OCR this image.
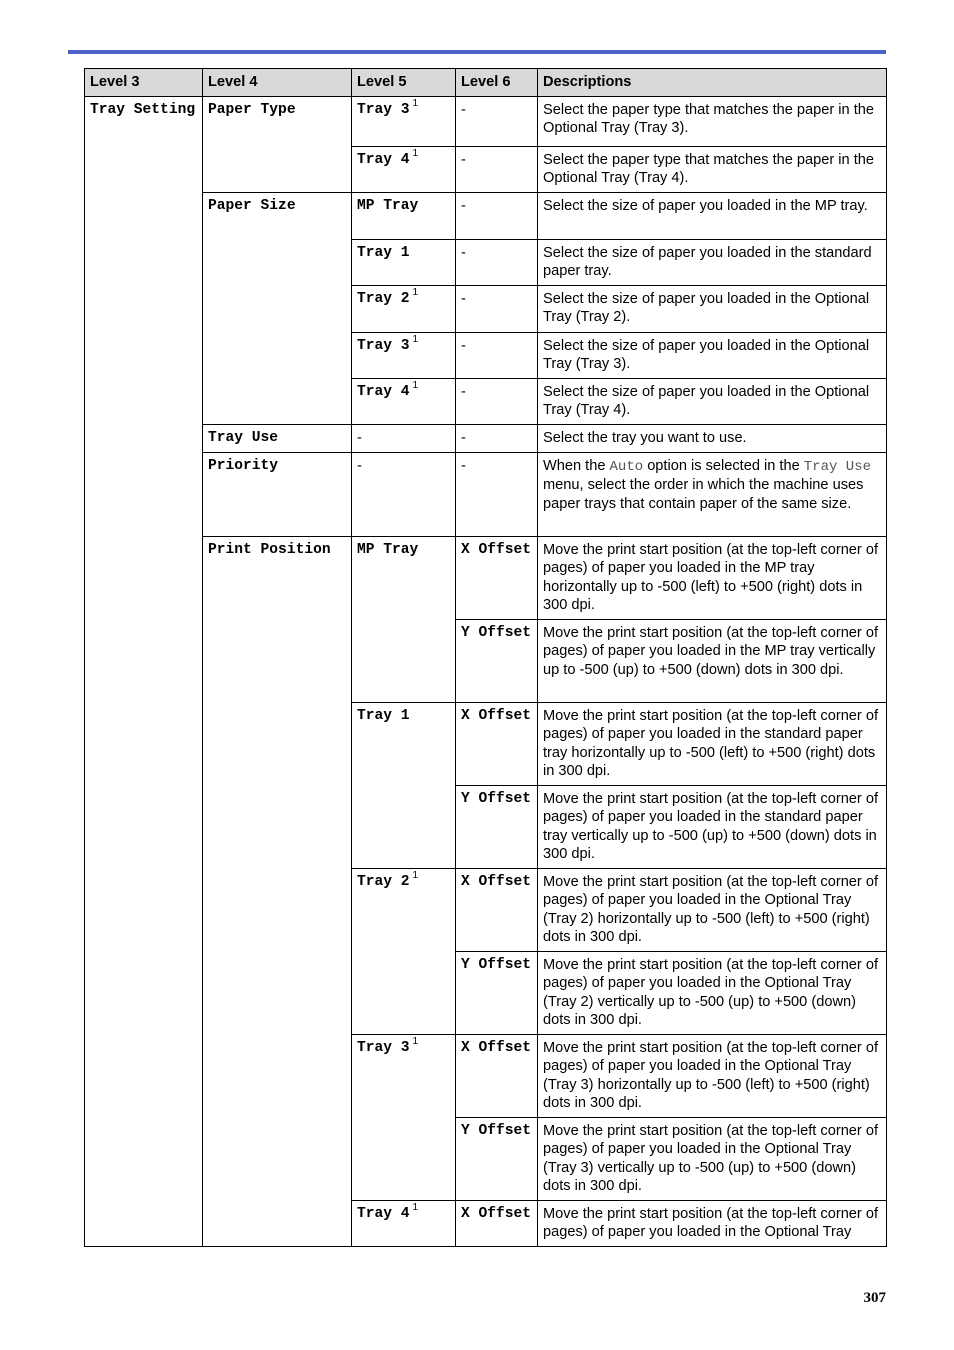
Level 3	Level 4	Level 5	Level 6	Descriptions
Tray Setting	Paper Type	Tray 3 $^1$	-	Select the paper type that matches the paper in the Optional Tray (Tray 3).
		Tray 4 $^1$	-	Select the paper type that matches the paper in the Optional Tray (Tray 4).
	Paper Size	MP Tray	-	Select the size of paper you loaded in the MP tray.
		Tray 1	-	Select the size of paper you loaded in the standard paper tray.
		Tray 2 $^1$	-	Select the size of paper you loaded in the Optional Tray (Tray 2).
		Tray 3 $^1$	-	Select the size of paper you loaded in the Optional Tray (Tray 3).
		Tray 4 $^1$	-	Select the size of paper you loaded in the Optional Tray (Tray 4).
	Tray Use	-	-	Select the tray you want to use.
	Priority	-	-	When the Auto option is selected in the Tray Use menu, select the order in which the machine uses paper trays that contain paper of the same size.
	Print Position	MP Tray	X Offset	Move the print start position (at the top-left corner of pages) of paper you loaded in the MP tray horizontally up to -500 (left) to +500 (right) dots in 300 dpi.
			Y Offset	Move the print start position (at the top-left corner of pages) of paper you loaded in the MP tray vertically up to -500 (up) to +500 (down) dots in 300 dpi.
		Tray 1	X Offset	Move the print start position (at the top-left corner of pages) of paper you loaded in the standard paper tray horizontally up to -500 (left) to +500 (right) dots in 300 dpi.
			Y Offset	Move the print start position (at the top-left corner of pages) of paper you loaded in the standard paper tray vertically up to -500 (up) to +500 (down) dots in 300 dpi.
		Tray 2 $^1$	X Offset	Move the print start position (at the top-left corner of pages) of paper you loaded in the Optional Tray (Tray 2) horizontally up to -500 (left) to +500 (right) dots in 300 dpi.
			Y Offset	Move the print start position (at the top-left corner of pages) of paper you loaded in the Optional Tray (Tray 2) vertically up to -500 (up) to +500 (down) dots in 300 dpi.
		Tray 3 $^1$	X Offset	Move the print start position (at the top-left corner of pages) of paper you loaded in the Optional Tray (Tray 3) horizontally up to -500 (left) to +500 (right) dots in 300 dpi.
			Y Offset	Move the print start position (at the top-left corner of pages) of paper you loaded in the Optional Tray (Tray 3) vertically up to -500 (up) to +500 (down) dots in 300 dpi.
		Tray 4 $^1$	X Offset	Move the print start position (at the top-left corner of pages) of paper you loaded in the Optional Tray
307
